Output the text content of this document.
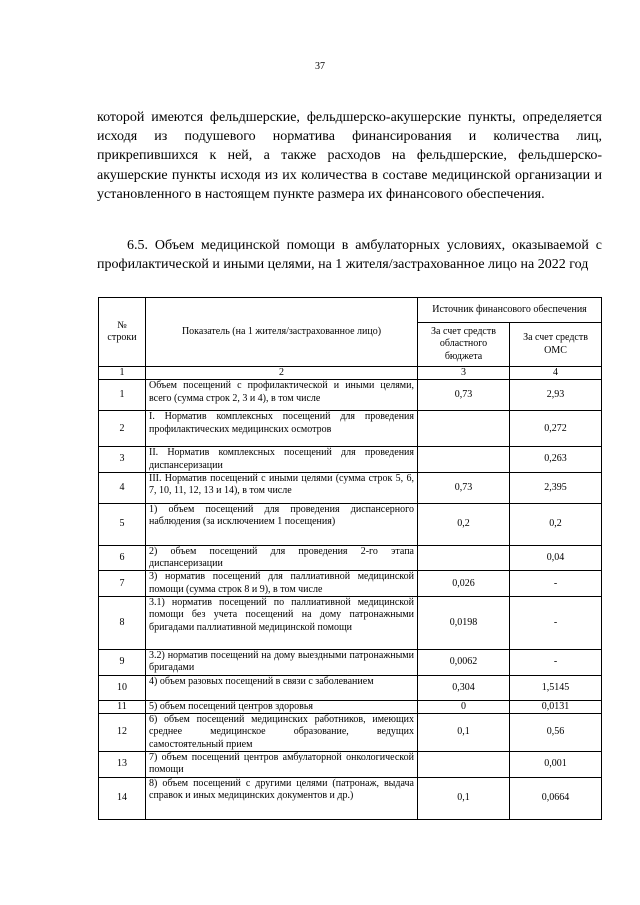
37
которой имеются фельдшерские, фельдшерско-акушерские пункты, определяется исходя из подушевого норматива финансирования и количества лиц, прикрепившихся к ней, а также расходов на фельдшерские, фельдшерско-акушерские пункты исходя из их количества в составе медицинской организации и установленного в настоящем пункте размера их финансового обеспечения.
6.5. Объем медицинской помощи в амбулаторных условиях, оказываемой с профилактической и иными целями, на 1 жителя/застрахованное лицо на 2022 год
№ строки	Показатель (на 1 жителя/застрахованное лицо)	Источник финансового обеспечения	
		За счет средств областного бюджета	За счет средств ОМС
1	2	3	4
1	Объем посещений с профилактической и иными целями, всего (сумма строк 2, 3 и 4), в том числе	0,73	2,93
2	I. Норматив комплексных посещений для проведения профилактических медицинских осмотров		0,272
3	II. Норматив комплексных посещений для проведения диспансеризации		0,263
4	III. Норматив посещений с иными целями (сумма строк 5, 6, 7, 10, 11, 12, 13 и 14), в том числе	0,73	2,395
5	1) объем посещений для проведения диспансерного наблюдения (за исключением 1 посещения)	0,2	0,2
6	2) объем посещений для проведения 2-го этапа диспансеризации		0,04
7	3) норматив посещений для паллиативной медицинской помощи (сумма строк 8 и 9), в том числе	0,026	-
8	3.1) норматив посещений по паллиативной медицинской помощи без учета посещений на дому патронажными бригадами паллиативной медицинской помощи	0,0198	-
9	3.2) норматив посещений на дому выездными патронажными бригадами	0,0062	-
10	4) объем разовых посещений в связи с заболеванием	0,304	1,5145
11	5) объем посещений центров здоровья	0	0,0131
12	6) объем посещений медицинских работников, имеющих среднее медицинское образование, ведущих самостоятельный прием	0,1	0,56
13	7) объем посещений центров амбулаторной онкологической помощи		0,001
14	8) объем посещений с другими целями (патронаж, выдача справок и иных медицинских документов и др.)	0,1	0,0664
